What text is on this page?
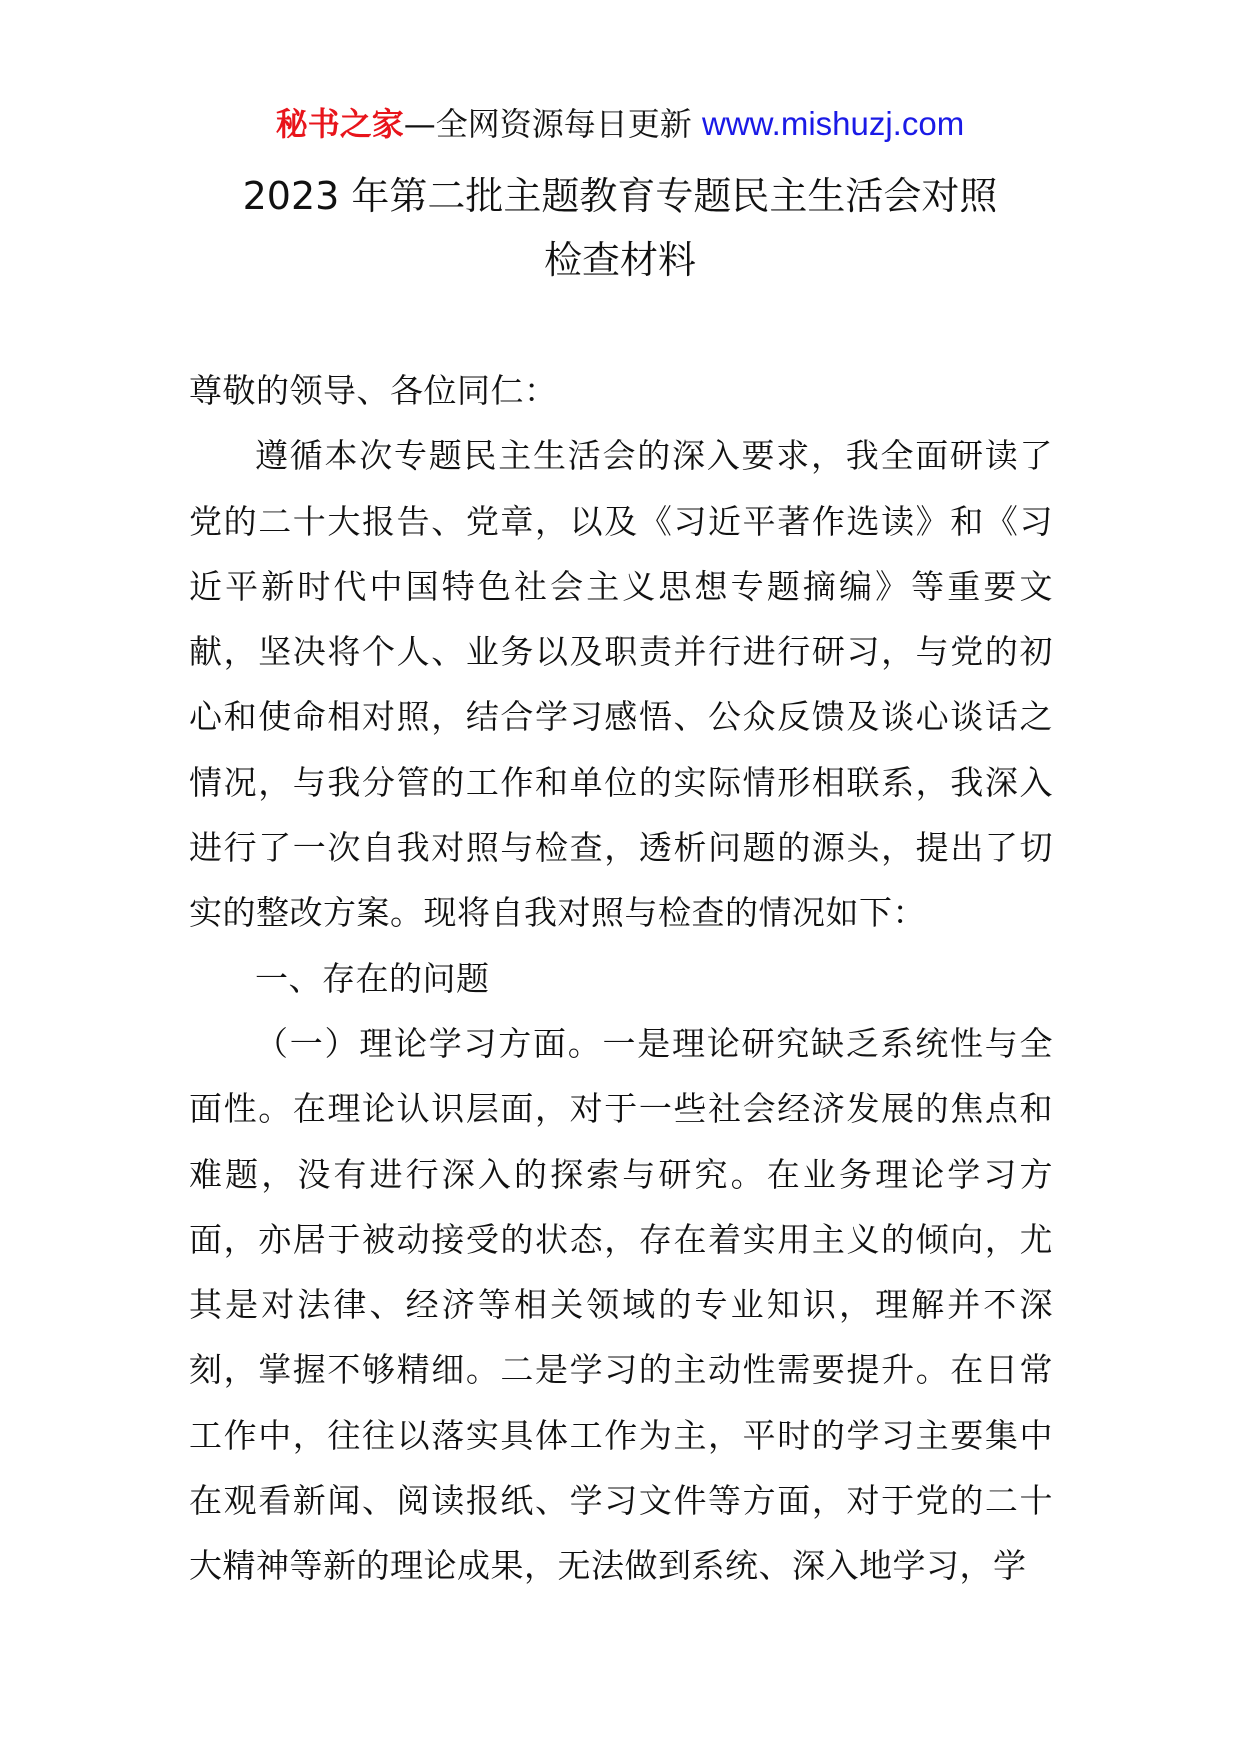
秘书之家—全网资源每日更新 www.mishuzj.com
2023 年第二批主题教育专题民主生活会对照
检查材料

尊敬的领导、各位同仁：

遵循本次专题民主生活会的深入要求，我全面研读了党的二十大报告、党章，以及《习近平著作选读》和《习近平新时代中国特色社会主义思想专题摘编》等重要文献，坚决将个人、业务以及职责并行进行研习，与党的初心和使命相对照，结合学习感悟、公众反馈及谈心谈话之情况，与我分管的工作和单位的实际情形相联系，我深入进行了一次自我对照与检查，透析问题的源头，提出了切实的整改方案。现将自我对照与检查的情况如下：

一、存在的问题

（一）理论学习方面。一是理论研究缺乏系统性与全面性。在理论认识层面，对于一些社会经济发展的焦点和难题，没有进行深入的探索与研究。在业务理论学习方面，亦居于被动接受的状态，存在着实用主义的倾向，尤其是对法律、经济等相关领域的专业知识，理解并不深刻，掌握不够精细。二是学习的主动性需要提升。在日常工作中，往往以落实具体工作为主，平时的学习主要集中在观看新闻、阅读报纸、学习文件等方面，对于党的二十大精神等新的理论成果，无法做到系统、深入地学习，学
